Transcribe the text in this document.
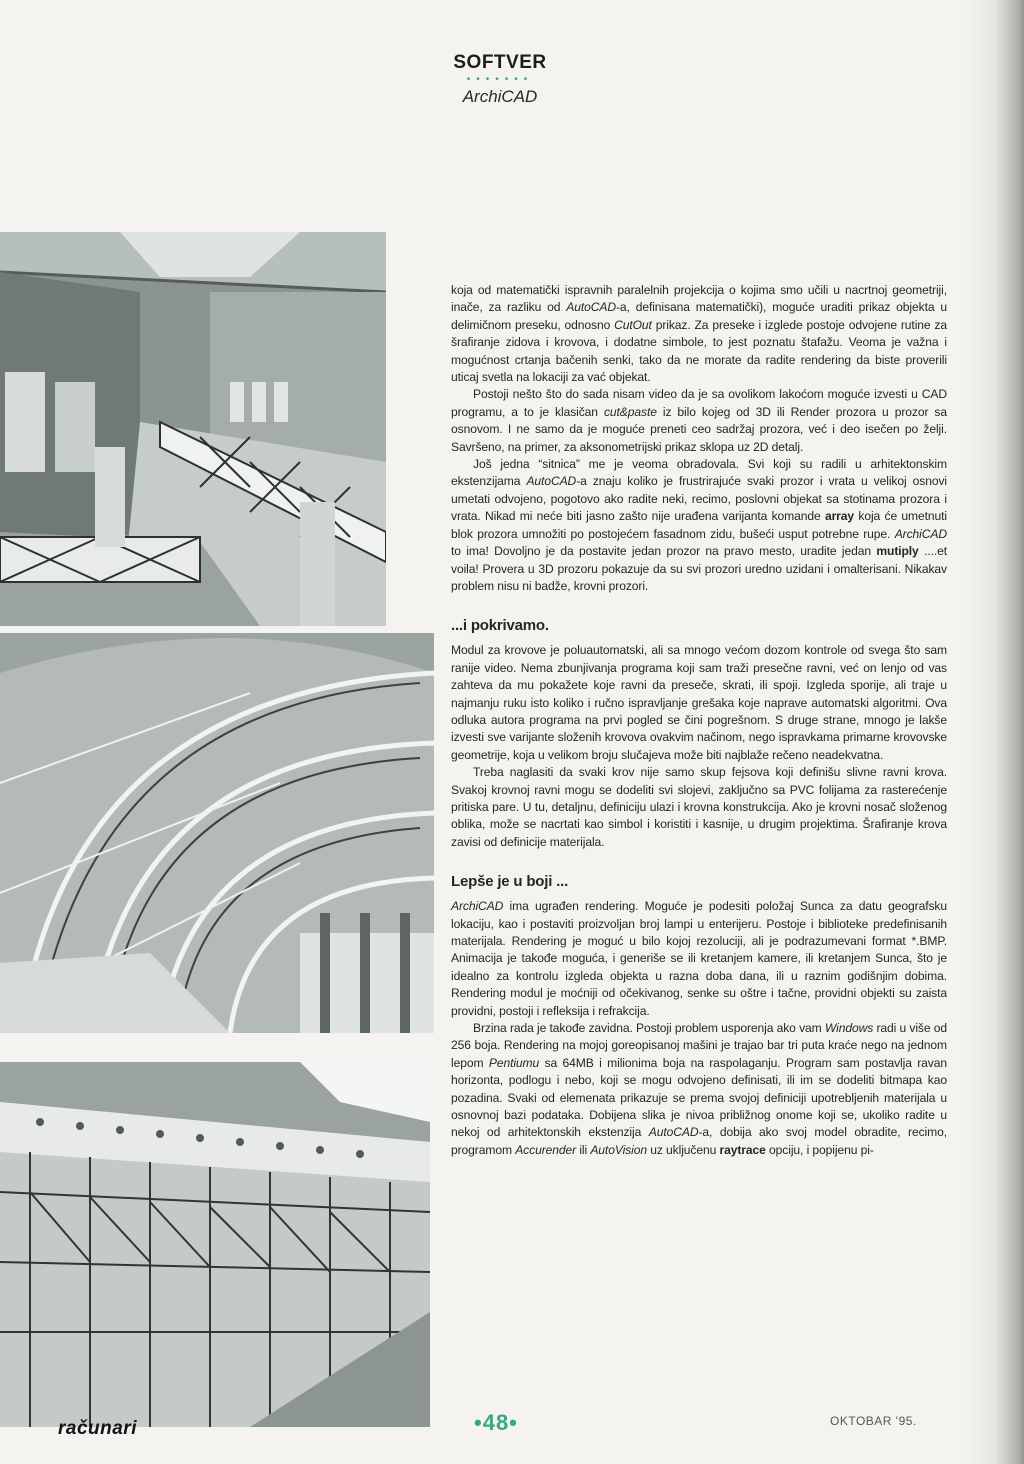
SOFTVER
•••••••
ArchiCAD

koja od matematički ispravnih paralelnih projekcija o kojima smo učili u nacrtnoj geometriji, inače, za razliku od AutoCAD-a, definisana matematički), moguće uraditi prikaz objekta u delimičnom preseku, odnosno CutOut prikaz. Za preseke i izglede postoje odvojene rutine za šrafiranje zidova i krovova, i dodatne simbole, to jest poznatu štafažu. Veoma je važna i mogućnost crtanja bačenih senki, tako da ne morate da radite rendering da biste proverili uticaj svetla na lokaciji za vać objekat.

Postoji nešto što do sada nisam video da je sa ovolikom lakoćom moguće izvesti u CAD programu, a to je klasičan cut&paste iz bilo kojeg od 3D ili Render prozora u prozor sa osnovom. I ne samo da je moguće preneti ceo sadržaj prozora, već i deo isečen po želji. Savršeno, na primer, za aksonometrijski prikaz sklopa uz 2D detalj.

Još jedna “sitnica” me je veoma obradovala. Svi koji su radili u arhitektonskim ekstenzijama AutoCAD-a znaju koliko je frustrirajuće svaki prozor i vrata u velikoj osnovi umetati odvojeno, pogotovo ako radite neki, recimo, poslovni objekat sa stotinama prozora i vrata. Nikad mi neće biti jasno zašto nije urađena varijanta komande array koja će umetnuti blok prozora umnožiti po postojećem fasadnom zidu, bušeći usput potrebne rupe. ArchiCAD to ima! Dovoljno je da postavite jedan prozor na pravo mesto, uradite jedan mutiply ....et voila! Provera u 3D prozoru pokazuje da su svi prozori uredno uzidani i omalterisani. Nikakav problem nisu ni badže, krovni prozori.

...i pokrivamo.

Modul za krovove je poluautomatski, ali sa mnogo većom dozom kontrole od svega što sam ranije video. Nema zbunjivanja programa koji sam traži presečne ravni, već on lenjo od vas zahteva da mu pokažete koje ravni da preseče, skrati, ili spoji. Izgleda sporije, ali traje u najmanju ruku isto koliko i ručno ispravljanje grešaka koje naprave automatski algoritmi. Ova odluka autora programa na prvi pogled se čini pogrešnom. S druge strane, mnogo je lakše izvesti sve varijante složenih krovova ovakvim načinom, nego ispravkama primarne krovovske geometrije, koja u velikom broju slučajeva može biti najblaže rečeno neadekvatna.

Treba naglasiti da svaki krov nije samo skup fejsova koji definišu slivne ravni krova. Svakoj krovnoj ravni mogu se dodeliti svi slojevi, zaključno sa PVC folijama za rasterećenje pritiska pare. U tu, detaljnu, definiciju ulazi i krovna konstrukcija. Ako je krovni nosač složenog oblika, može se nacrtati kao simbol i koristiti i kasnije, u drugim projektima. Šrafiranje krova zavisi od definicije materijala.

Lepše je u boji ...

ArchiCAD ima ugrađen rendering. Moguće je podesiti položaj Sunca za datu geografsku lokaciju, kao i postaviti proizvoljan broj lampi u enterijeru. Postoje i biblioteke predefinisanih materijala. Rendering je moguć u bilo kojoj rezoluciji, ali je podrazumevani format *.BMP. Animacija je takođe moguća, i generiše se ili kretanjem kamere, ili kretanjem Sunca, što je idealno za kontrolu izgleda objekta u razna doba dana, ili u raznim godišnjim dobima. Rendering modul je moćniji od očekivanog, senke su oštre i tačne, providni objekti su zaista providni, postoji i refleksija i refrakcija.

Brzina rada je takođe zavidna. Postoji problem usporenja ako vam Windows radi u više od 256 boja. Rendering na mojoj goreopisanoj mašini je trajao bar tri puta kraće nego na jednom lepom Pentiumu sa 64MB i milionima boja na raspolaganju. Program sam postavlja ravan horizonta, podlogu i nebo, koji se mogu odvojeno definisati, ili im se dodeliti bitmapa kao pozadina. Svaki od elemenata prikazuje se prema svojoj definiciji upotrebljenih materijala u osnovnoj bazi podataka. Dobijena slika je nivoa približnog onome koji se, ukoliko radite u nekoj od arhitektonskih ekstenzija AutoCAD-a, dobija ako svoj model obradite, recimo, programom Accurender ili AutoVision uz uključenu raytrace opciju, i popijenu pi-

računari	•48•	OKTOBAR '95.
